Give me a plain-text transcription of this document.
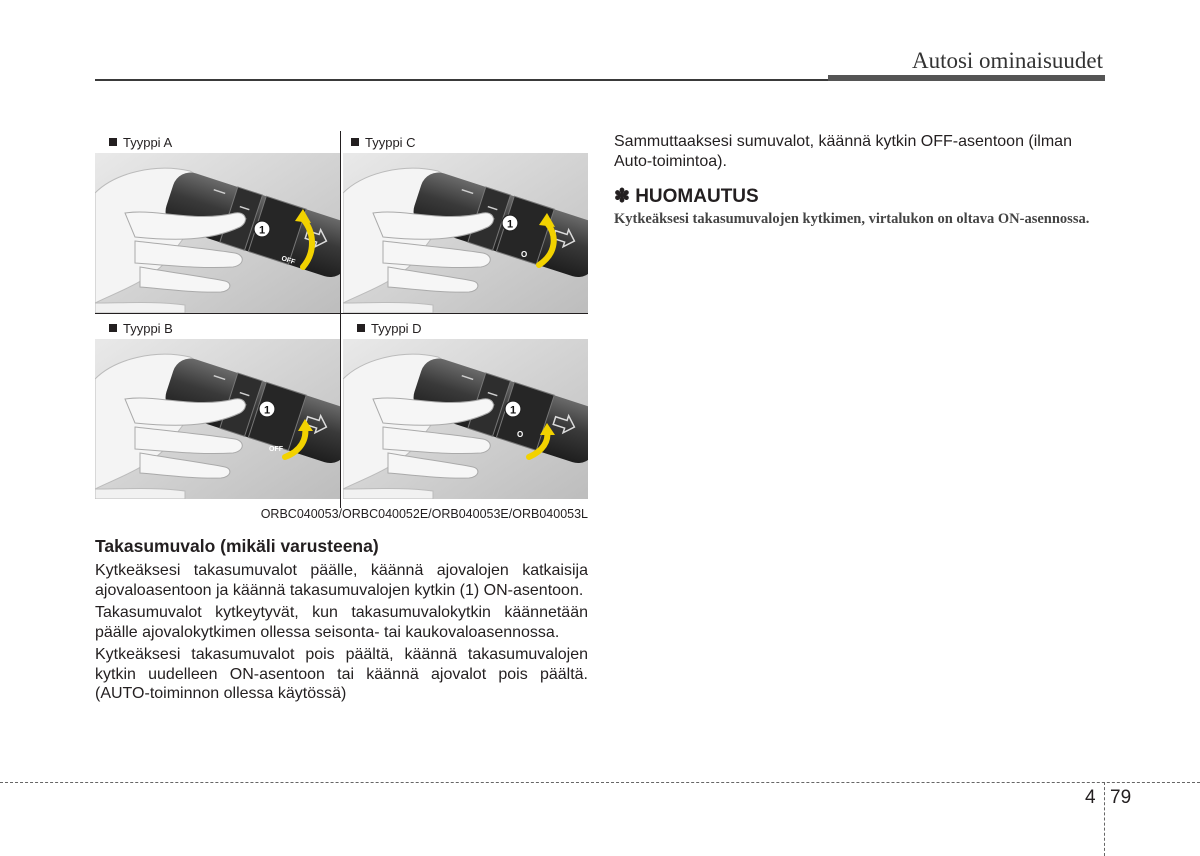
Autosi ominaisuudet
Tyyppi A
1
OFF
Tyyppi C
1
O
Tyyppi B
1
OFF
Tyyppi D
1
O
ORBC040053/ORBC040052E/ORB040053E/ORB040053L
Takasumuvalo (mikäli varusteena)

Kytkeäksesi takasumuvalot päälle, käännä ajovalojen katkaisija ajovaloasentoon ja käännä takasumuvalojen kytkin (1) ON-asentoon.

Takasumuvalot kytkeytyvät, kun takasumuvalokytkin käännetään päälle ajovalokytkimen ollessa seisonta- tai kaukovaloasennossa.

Kytkeäksesi takasumuvalot pois päältä, käännä takasumuvalojen kytkin uudelleen ON-asentoon tai käännä ajovalot pois päältä. (AUTO-toiminnon ollessa käytössä)

Sammuttaaksesi sumuvalot, käännä kytkin OFF-asentoon (ilman Auto-toimintoa).

✽ HUOMAUTUS
Kytkeäksesi takasumuvalojen kytkimen, virtalukon on oltava ON-asennossa.
4 79
